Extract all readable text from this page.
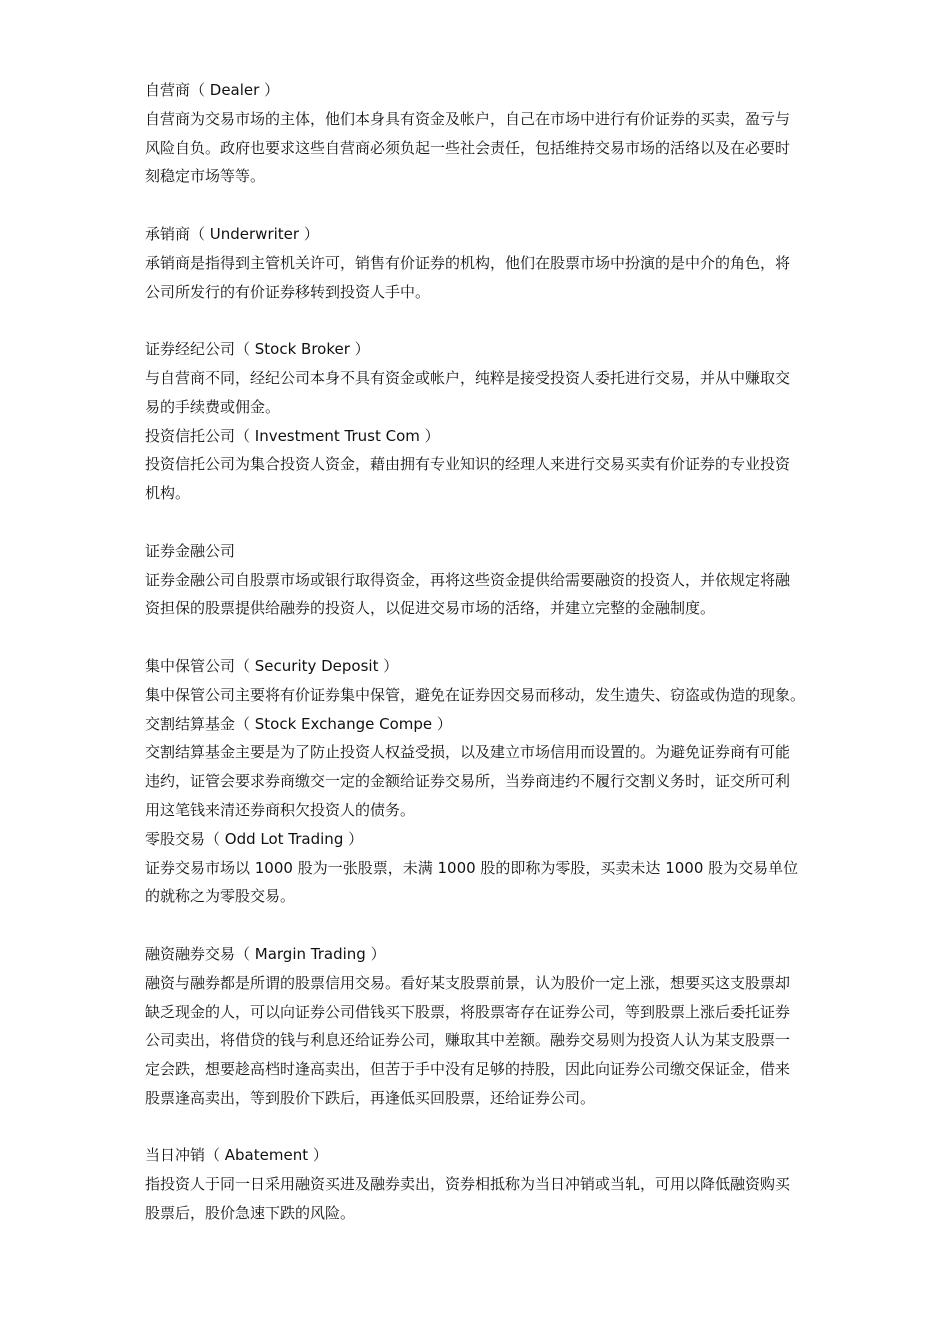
自营商（ Dealer ）
自营商为交易市场的主体，他们本身具有资金及帐户，自己在市场中进行有价证券的买卖，盈亏与
风险自负。政府也要求这些自营商必须负起一些社会责任，包括维持交易市场的活络以及在必要时
刻稳定市场等等。
承销商（ Underwriter ）
承销商是指得到主管机关许可，销售有价证券的机构，他们在股票市场中扮演的是中介的角色，将
公司所发行的有价证券移转到投资人手中。
证券经纪公司（ Stock Broker ）
与自营商不同，经纪公司本身不具有资金或帐户，纯粹是接受投资人委托进行交易，并从中赚取交
易的手续费或佣金。
投资信托公司（ Investment Trust Com ）
投资信托公司为集合投资人资金，藉由拥有专业知识的经理人来进行交易买卖有价证券的专业投资
机构。
证券金融公司
证券金融公司自股票市场或银行取得资金，再将这些资金提供给需要融资的投资人，并依规定将融
资担保的股票提供给融券的投资人，以促进交易市场的活络，并建立完整的金融制度。
集中保管公司（ Security Deposit ）
集中保管公司主要将有价证券集中保管，避免在证券因交易而移动，发生遗失、窃盗或伪造的现象。
交割结算基金（ Stock Exchange Compe ）
交割结算基金主要是为了防止投资人权益受损，以及建立市场信用而设置的。为避免证券商有可能
违约，证管会要求券商缴交一定的金额给证券交易所，当券商违约不履行交割义务时，证交所可利
用这笔钱来清还券商积欠投资人的债务。
零股交易（ Odd Lot Trading ）
证券交易市场以 1000 股为一张股票，未满 1000 股的即称为零股，买卖未达 1000 股为交易单位
的就称之为零股交易。
融资融券交易（ Margin Trading ）
融资与融券都是所谓的股票信用交易。看好某支股票前景，认为股价一定上涨，想要买这支股票却
缺乏现金的人，可以向证券公司借钱买下股票，将股票寄存在证券公司，等到股票上涨后委托证券
公司卖出，将借贷的钱与利息还给证券公司，赚取其中差额。融券交易则为投资人认为某支股票一
定会跌，想要趁高档时逢高卖出，但苦于手中没有足够的持股，因此向证券公司缴交保证金，借来
股票逢高卖出，等到股价下跌后，再逢低买回股票，还给证券公司。
当日冲销（ Abatement ）
指投资人于同一日采用融资买进及融券卖出，资券相抵称为当日冲销或当轧，可用以降低融资购买
股票后，股价急速下跌的风险。
